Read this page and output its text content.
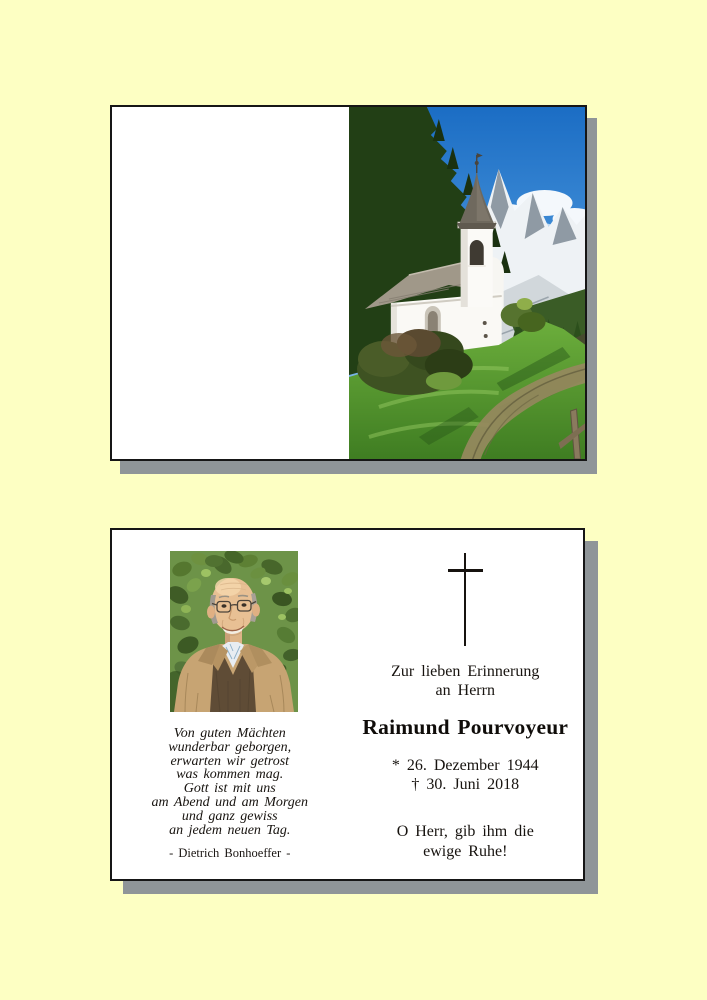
Von guten Mächten
wunderbar geborgen,
erwarten wir getrost
was kommen mag.
Gott ist mit uns
am Abend und am Morgen
und ganz gewiss
an jedem neuen Tag.
- Dietrich Bonhoeffer -
Zur lieben Erinnerung
an Herrn
Raimund Pourvoyeur
* 26. Dezember 1944
† 30. Juni 2018
O Herr, gib ihm die
ewige Ruhe!
